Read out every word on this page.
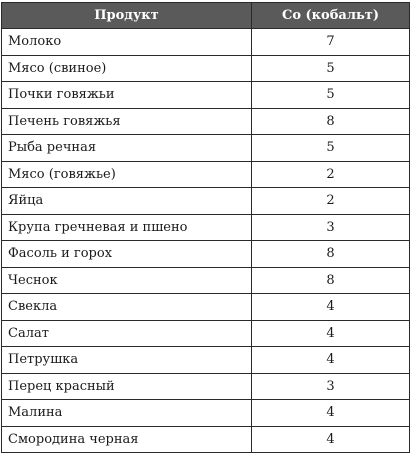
Продукт	Co (кобальт)
Молоко	7
Мясо (свиное)	5
Почки говяжьи	5
Печень говяжья	8
Рыба речная	5
Мясо (говяжье)	2
Яйца	2
Крупа гречневая и пшено	3
Фасоль и горох	8
Чеснок	8
Свекла	4
Салат	4
Петрушка	4
Перец красный	3
Малина	4
Смородина черная	4
